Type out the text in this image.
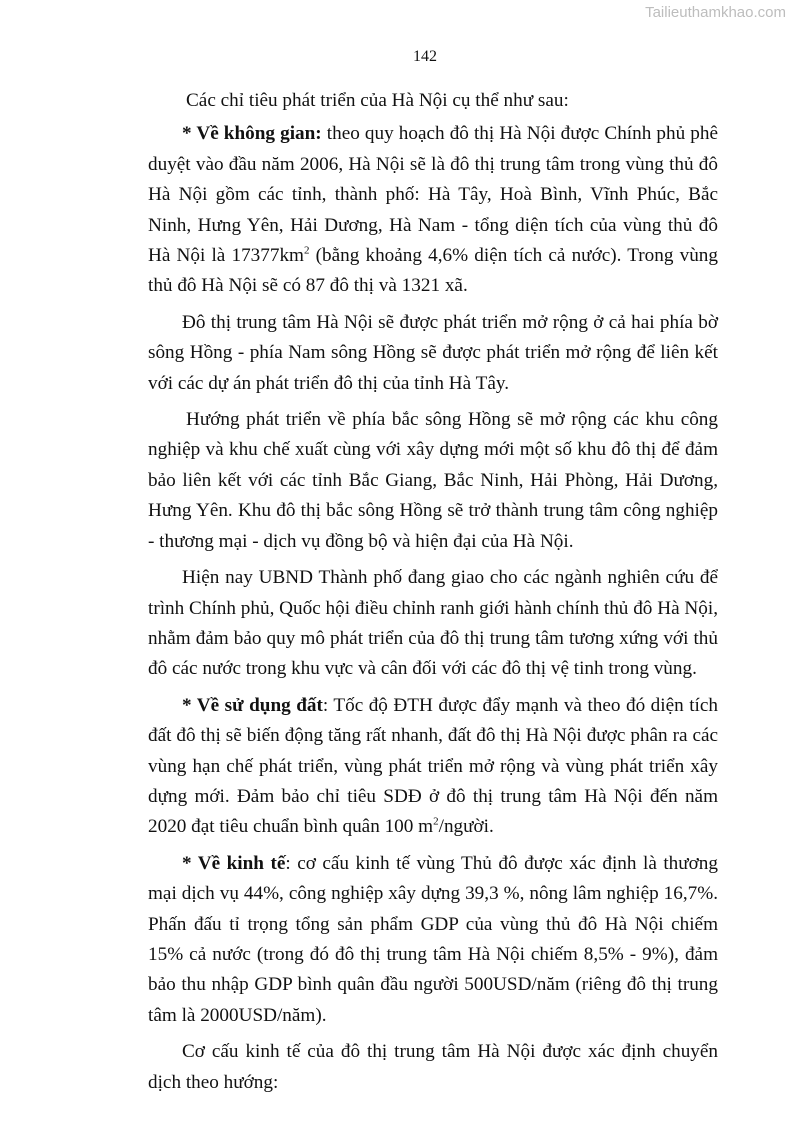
Tailieuthamkhao.com
142

Các chỉ tiêu phát triển của Hà Nội cụ thể như sau:

* Về không gian: theo quy hoạch đô thị Hà Nội được Chính phủ phê duyệt vào đầu năm 2006, Hà Nội sẽ là đô thị trung tâm trong vùng thủ đô Hà Nội gồm các tỉnh, thành phố: Hà Tây, Hoà Bình, Vĩnh Phúc, Bắc Ninh, Hưng Yên, Hải Dương, Hà Nam - tổng diện tích của vùng thủ đô Hà Nội là $17377km^2$ (bằng khoảng 4,6% diện tích cả nước). Trong vùng thủ đô Hà Nội sẽ có 87 đô thị và 1321 xã.

Đô thị trung tâm Hà Nội sẽ được phát triển mở rộng ở cả hai phía bờ sông Hồng - phía Nam sông Hồng sẽ được phát triển mở rộng để liên kết với các dự án phát triển đô thị của tỉnh Hà Tây.

Hướng phát triển về phía bắc sông Hồng sẽ mở rộng các khu công nghiệp và khu chế xuất cùng với xây dựng mới một số khu đô thị để đảm bảo liên kết với các tỉnh Bắc Giang, Bắc Ninh, Hải Phòng, Hải Dương, Hưng Yên. Khu đô thị bắc sông Hồng sẽ trở thành trung tâm công nghiệp - thương mại - dịch vụ đồng bộ và hiện đại của Hà Nội.

Hiện nay UBND Thành phố đang giao cho các ngành nghiên cứu để trình Chính phủ, Quốc hội điều chỉnh ranh giới hành chính thủ đô Hà Nội, nhằm đảm bảo quy mô phát triển của đô thị trung tâm tương xứng với thủ đô các nước trong khu vực và cân đối với các đô thị vệ tinh trong vùng.

* Về sử dụng đất: Tốc độ ĐTH được đẩy mạnh và theo đó diện tích đất đô thị sẽ biến động tăng rất nhanh, đất đô thị Hà Nội được phân ra các vùng hạn chế phát triển, vùng phát triển mở rộng và vùng phát triển xây dựng mới. Đảm bảo chỉ tiêu SDĐ ở đô thị trung tâm Hà Nội đến năm 2020 đạt tiêu chuẩn bình quân 100 $m^2$/người.

* Về kinh tế: cơ cấu kinh tế vùng Thủ đô được xác định là thương mại dịch vụ 44%, công nghiệp xây dựng 39,3 %, nông lâm nghiệp 16,7%. Phấn đấu tỉ trọng tổng sản phẩm GDP của vùng thủ đô Hà Nội chiếm 15% cả nước (trong đó đô thị trung tâm Hà Nội chiếm 8,5% - 9%), đảm bảo thu nhập GDP bình quân đầu người 500USD/năm (riêng đô thị trung tâm là 2000USD/năm).

Cơ cấu kinh tế của đô thị trung tâm Hà Nội được xác định chuyển dịch theo hướng:
